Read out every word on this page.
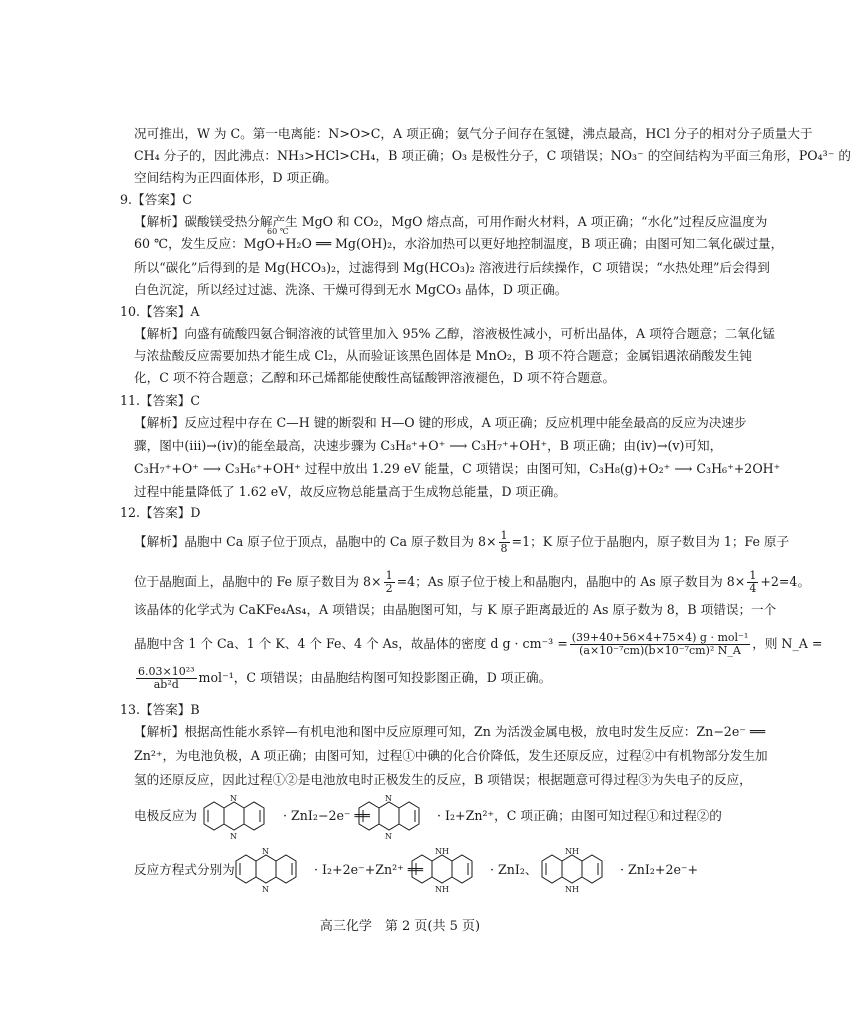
况可推出，W 为 C。第一电离能：N>O>C，A 项正确；氨气分子间存在氢键，沸点最高，HCl 分子的相对分子质量大于
CH₄ 分子的，因此沸点：NH₃>HCl>CH₄，B 项正确；O₃ 是极性分子，C 项错误；NO₃⁻ 的空间结构为平面三角形，PO₄³⁻ 的
空间结构为正四面体形，D 项正确。
9.【答案】C
【解析】碳酸镁受热分解产生 MgO 和 CO₂，MgO 熔点高，可用作耐火材料，A 项正确；“水化”过程反应温度为
60 ℃，发生反应：MgO+H₂O ══ Mg(OH)₂，水浴加热可以更好地控制温度，B 项正确；由图可知二氧化碳过量，
60 ℃
所以“碳化”后得到的是 Mg(HCO₃)₂，过滤得到 Mg(HCO₃)₂ 溶液进行后续操作，C 项错误；“水热处理”后会得到
白色沉淀，所以经过过滤、洗涤、干燥可得到无水 MgCO₃ 晶体，D 项正确。
10.【答案】A
【解析】向盛有硫酸四氨合铜溶液的试管里加入 95% 乙醇，溶液极性减小，可析出晶体，A 项符合题意；二氧化锰
与浓盐酸反应需要加热才能生成 Cl₂，从而验证该黑色固体是 MnO₂，B 项不符合题意；金属铝遇浓硝酸发生钝
化，C 项不符合题意；乙醇和环己烯都能使酸性高锰酸钾溶液褪色，D 项不符合题意。
11.【答案】C
【解析】反应过程中存在 C—H 键的断裂和 H—O 键的形成，A 项正确；反应机理中能垒最高的反应为决速步
骤，图中(iii)→(iv)的能垒最高，决速步骤为 C₃H₈⁺+O⁺ ⟶ C₃H₇⁺+OH⁺，B 项正确；由(iv)→(v)可知，
C₃H₇⁺+O⁺ ⟶ C₃H₆⁺+OH⁺ 过程中放出 1.29 eV 能量，C 项错误；由图可知，C₃H₈(g)+O₂⁺ ⟶ C₃H₆⁺+2OH⁺
过程中能量降低了 1.62 eV，故反应物总能量高于生成物总能量，D 项正确。
12.【答案】D
【解析】晶胞中 Ca 原子位于顶点，晶胞中的 Ca 原子数目为 $8\times \frac{1}{8} =1$；K 原子位于晶胞内，原子数目为 1；Fe 原子
位于晶胞面上，晶胞中的 Fe 原子数目为 $8\times \frac{1}{2} =4$；As 原子位于棱上和晶胞内，晶胞中的 As 原子数目为 $8\times \frac{1}{4} +2=4$。
该晶体的化学式为 CaKFe₄As₄，A 项错误；由晶胞图可知，与 K 原子距离最近的 As 原子数为 8，B 项错误；一个
晶胞中含 1 个 Ca、1 个 K、4 个 Fe、4 个 As，故晶体的密度 d $g \cdot cm^{-3} = \frac{\text{(39+40+56×4+75×4) g · mol⁻¹}}{\text{(a×10⁻⁷cm)(b×10⁻⁷cm)² N\_A}}$ ，则 N_A =
$\frac{\text{6.03×10²³}}{\text{ab²d}} mol^{-1}$，C 项错误；由晶胞结构图可知投影图正确，D 项正确。
13.【答案】B
【解析】根据高性能水系锌—有机电池和图中反应原理可知，Zn 为活泼金属电极，放电时发生反应：Zn−2e⁻ ══
Zn²⁺，为电池负极，A 项正确；由图可知，过程①中碘的化合价降低，发生还原反应，过程②中有机物部分发生加
氢的还原反应，因此过程①②是电池放电时正极发生的反应，B 项错误；根据题意可得过程③为失电子的反应，
电极反应为
N
N
· ZnI₂−2e⁻ ══
N
N
· I₂+Zn²⁺，C 项正确；由图可知过程①和过程②的
反应方程式分别为
N
N
· I₂+2e⁻+Zn²⁺ ══
NH
NH
· ZnI₂、
NH
NH
· ZnI₂+2e⁻+
高三化学　第 2 页(共 5 页)
